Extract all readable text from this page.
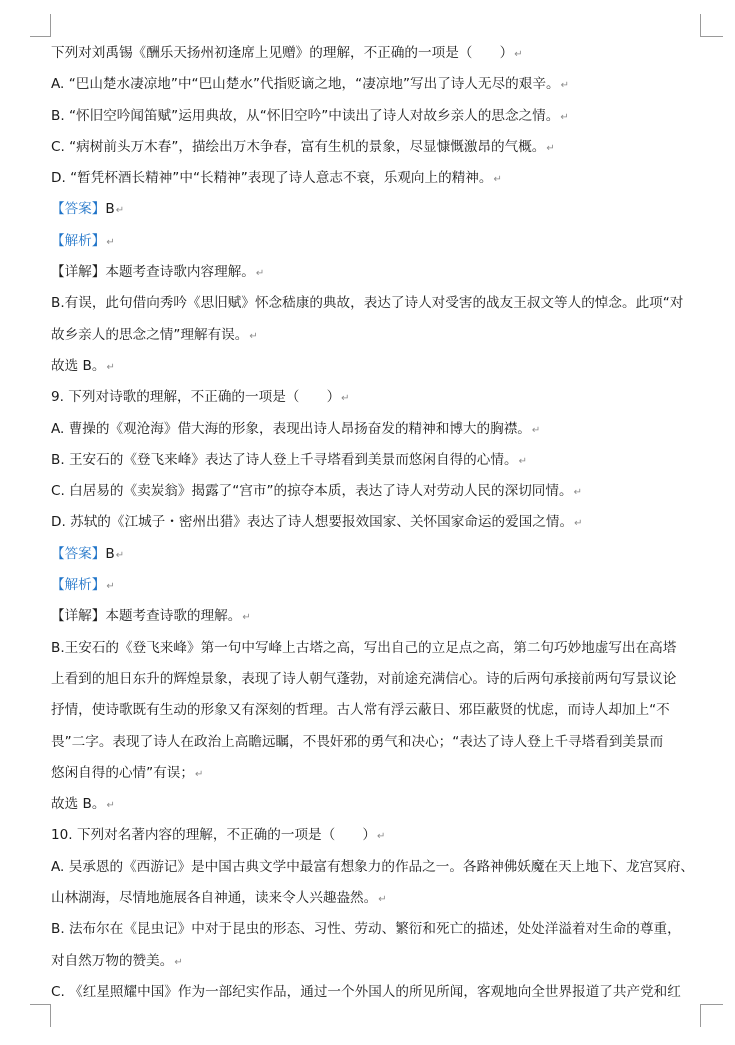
下列对刘禹锡《酬乐天扬州初逢席上见赠》的理解，不正确的一项是（　　）↵
A. “巴山楚水凄凉地”中“巴山楚水”代指贬谪之地，“凄凉地”写出了诗人无尽的艰辛。↵
B. “怀旧空吟闻笛赋”运用典故，从“怀旧空吟”中读出了诗人对故乡亲人的思念之情。↵
C. “病树前头万木春”，描绘出万木争春，富有生机的景象，尽显慷慨激昂的气概。↵
D. “暂凭杯酒长精神”中“长精神”表现了诗人意志不衰，乐观向上的精神。↵
【答案】B↵
【解析】↵
【详解】本题考查诗歌内容理解。↵
B.有误，此句借向秀吟《思旧赋》怀念嵇康的典故，表达了诗人对受害的战友王叔文等人的悼念。此项“对
故乡亲人的思念之情”理解有误。↵
故选 B。↵
9. 下列对诗歌的理解，不正确的一项是（　　）↵
A. 曹操的《观沧海》借大海的形象，表现出诗人昂扬奋发的精神和博大的胸襟。↵
B. 王安石的《登飞来峰》表达了诗人登上千寻塔看到美景而悠闲自得的心情。↵
C. 白居易的《卖炭翁》揭露了“宫市”的掠夺本质，表达了诗人对劳动人民的深切同情。↵
D. 苏轼的《江城子・密州出猎》表达了诗人想要报效国家、关怀国家命运的爱国之情。↵
【答案】B↵
【解析】↵
【详解】本题考查诗歌的理解。↵
B.王安石的《登飞来峰》第一句中写峰上古塔之高，写出自己的立足点之高，第二句巧妙地虚写出在高塔
上看到的旭日东升的辉煌景象，表现了诗人朝气蓬勃，对前途充满信心。诗的后两句承接前两句写景议论
抒情，使诗歌既有生动的形象又有深刻的哲理。古人常有浮云蔽日、邪臣蔽贤的忧虑，而诗人却加上“不
畏”二字。表现了诗人在政治上高瞻远瞩，不畏奸邪的勇气和决心；“表达了诗人登上千寻塔看到美景而
悠闲自得的心情”有误；↵
故选 B。↵
10. 下列对名著内容的理解，不正确的一项是（　　）↵
A. 吴承恩的《西游记》是中国古典文学中最富有想象力的作品之一。各路神佛妖魔在天上地下、龙宫冥府、
山林湖海，尽情地施展各自神通，读来令人兴趣盎然。↵
B. 法布尔在《昆虫记》中对于昆虫的形态、习性、劳动、繁衍和死亡的描述，处处洋溢着对生命的尊重，
对自然万物的赞美。↵
C. 《红星照耀中国》作为一部纪实作品，通过一个外国人的所见所闻，客观地向全世界报道了共产党和红
